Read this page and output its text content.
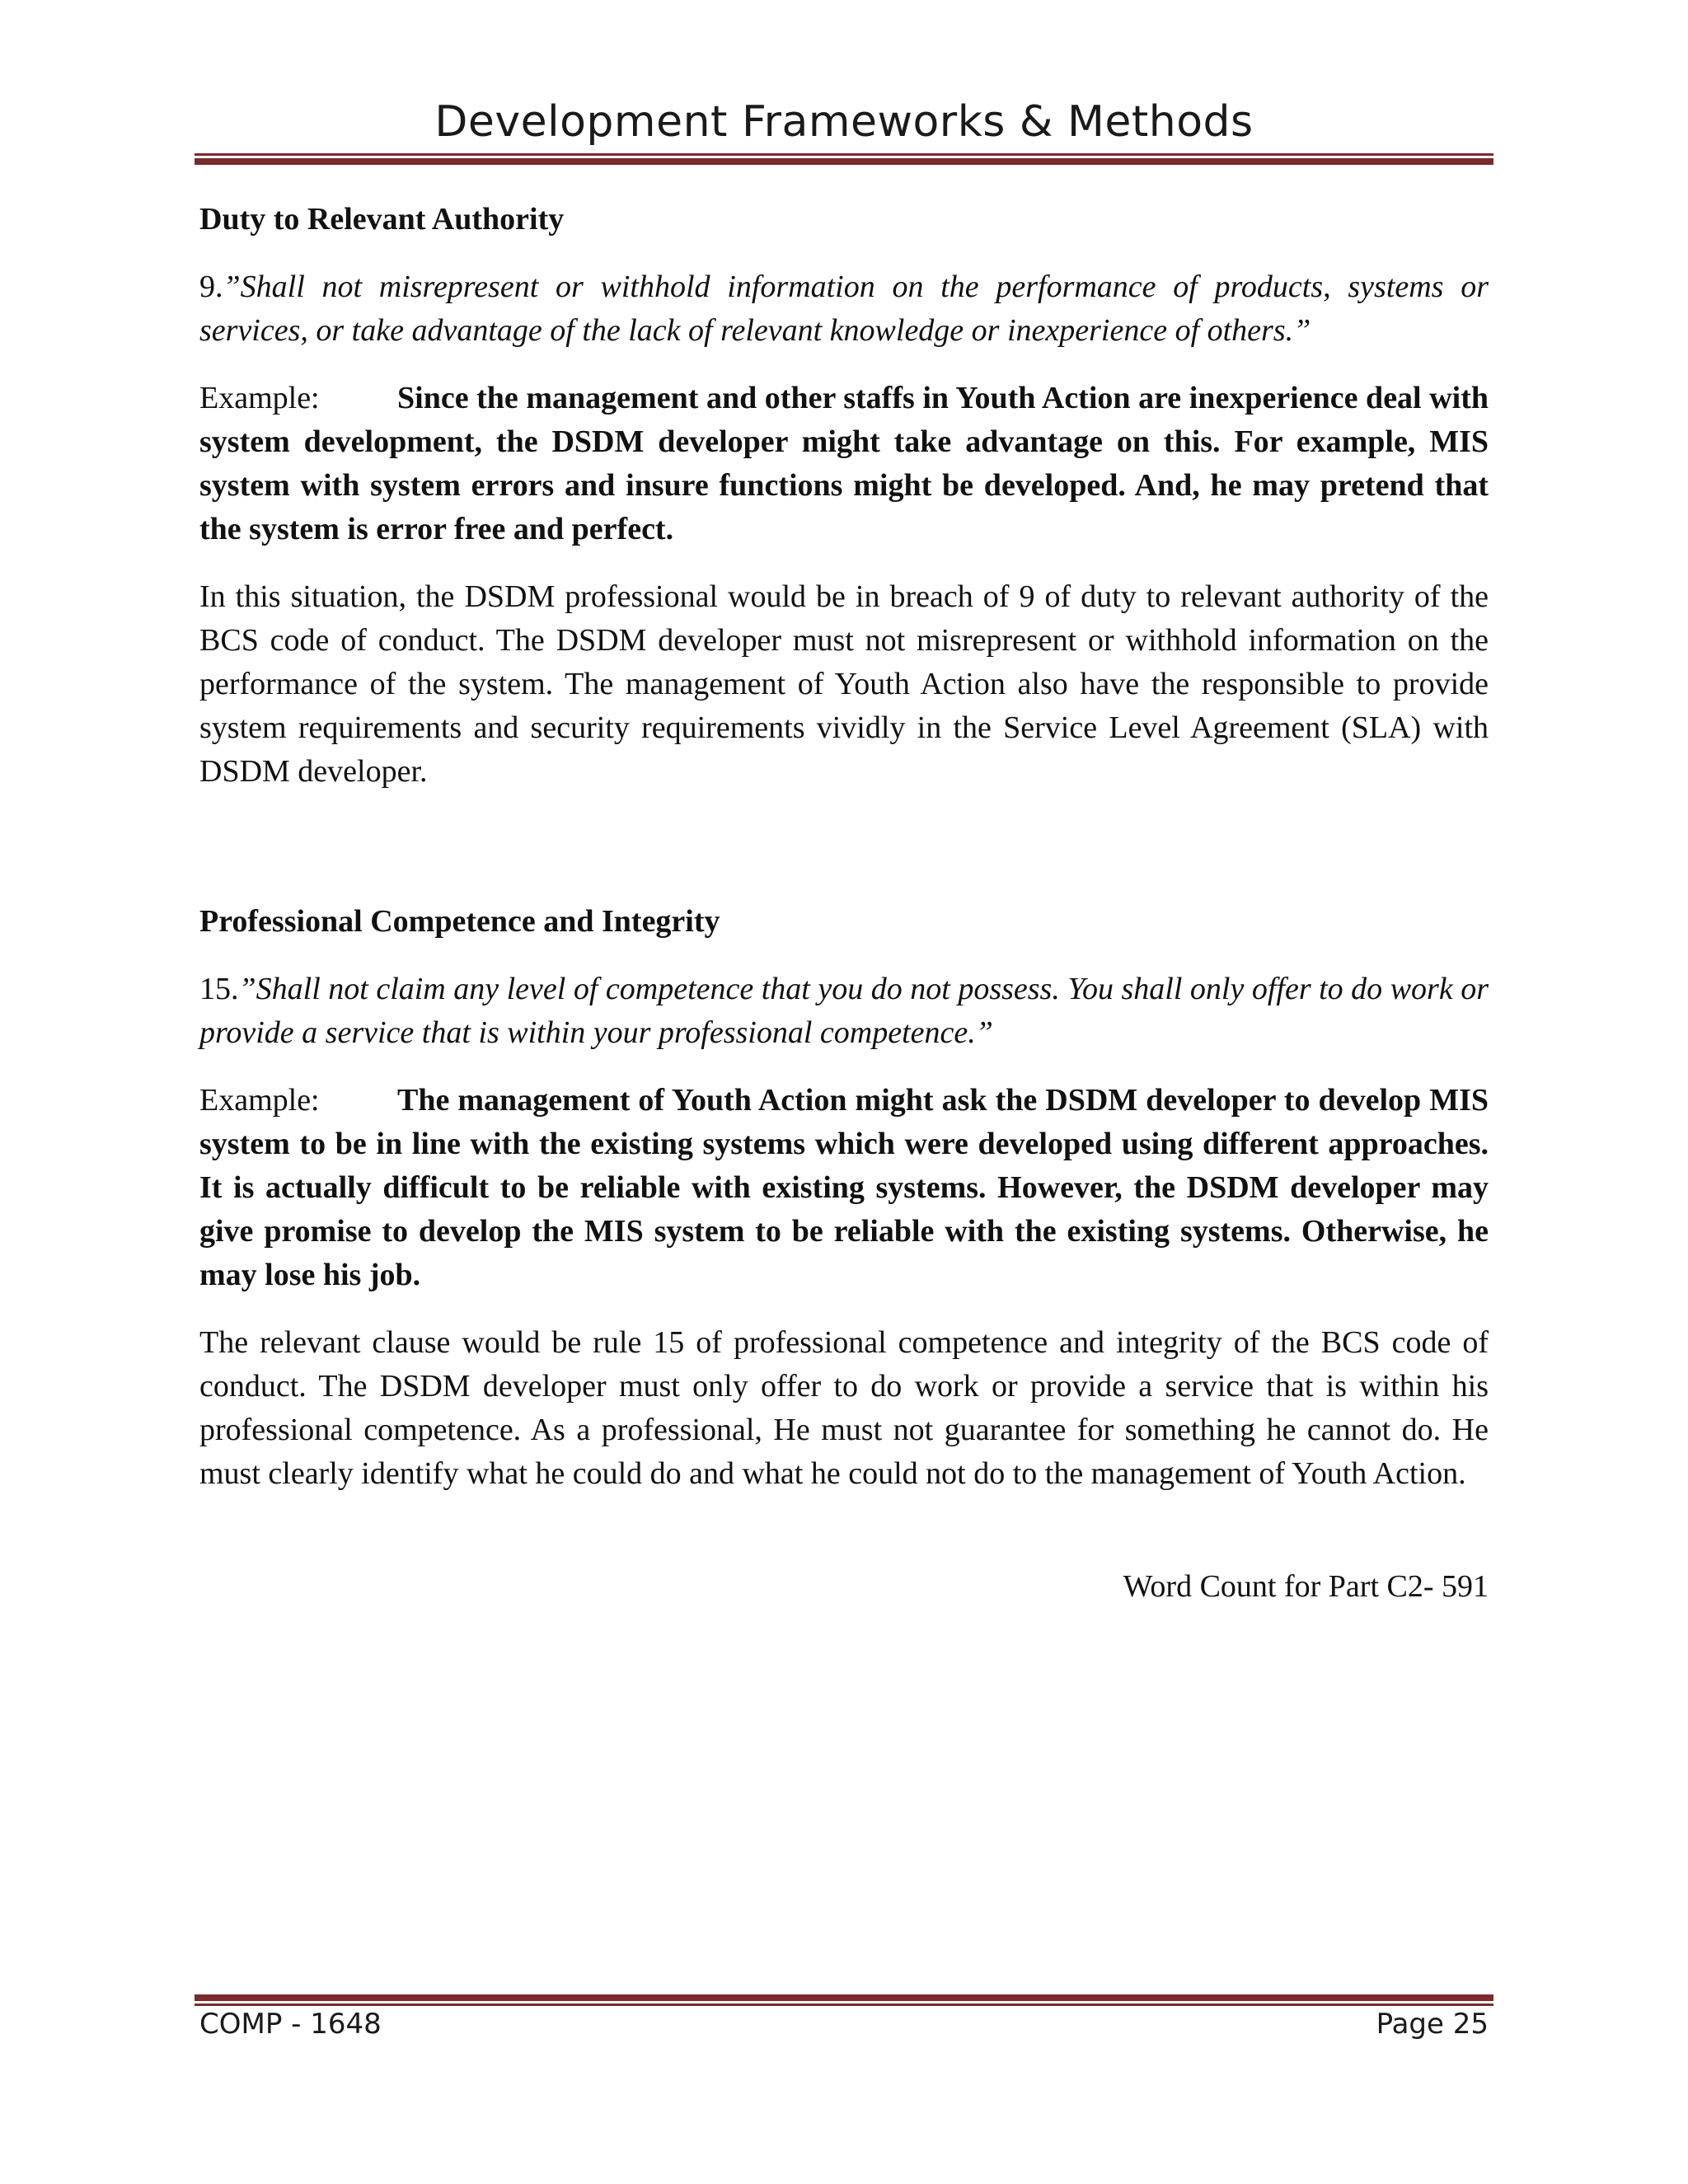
Development Frameworks & Methods
Duty to Relevant Authority

9.”Shall not misrepresent or withhold information on the performance of products, systems or services, or take advantage of the lack of relevant knowledge or inexperience of others.”

Example: Since the management and other staffs in Youth Action are inexperience deal with system development, the DSDM developer might take advantage on this. For example, MIS system with system errors and insure functions might be developed. And, he may pretend that the system is error free and perfect.

In this situation, the DSDM professional would be in breach of 9 of duty to relevant authority of the BCS code of conduct. The DSDM developer must not misrepresent or withhold information on the performance of the system. The management of Youth Action also have the responsible to provide system requirements and security requirements vividly in the Service Level Agreement (SLA) with DSDM developer.

Professional Competence and Integrity

15.”Shall not claim any level of competence that you do not possess. You shall only offer to do work or provide a service that is within your professional competence.”

Example: The management of Youth Action might ask the DSDM developer to develop MIS system to be in line with the existing systems which were developed using different approaches. It is actually difficult to be reliable with existing systems. However, the DSDM developer may give promise to develop the MIS system to be reliable with the existing systems. Otherwise, he may lose his job.

The relevant clause would be rule 15 of professional competence and integrity of the BCS code of conduct. The DSDM developer must only offer to do work or provide a service that is within his professional competence. As a professional, He must not guarantee for something he cannot do. He must clearly identify what he could do and what he could not do to the management of Youth Action.

Word Count for Part C2- 591
COMP - 1648	Page 25
